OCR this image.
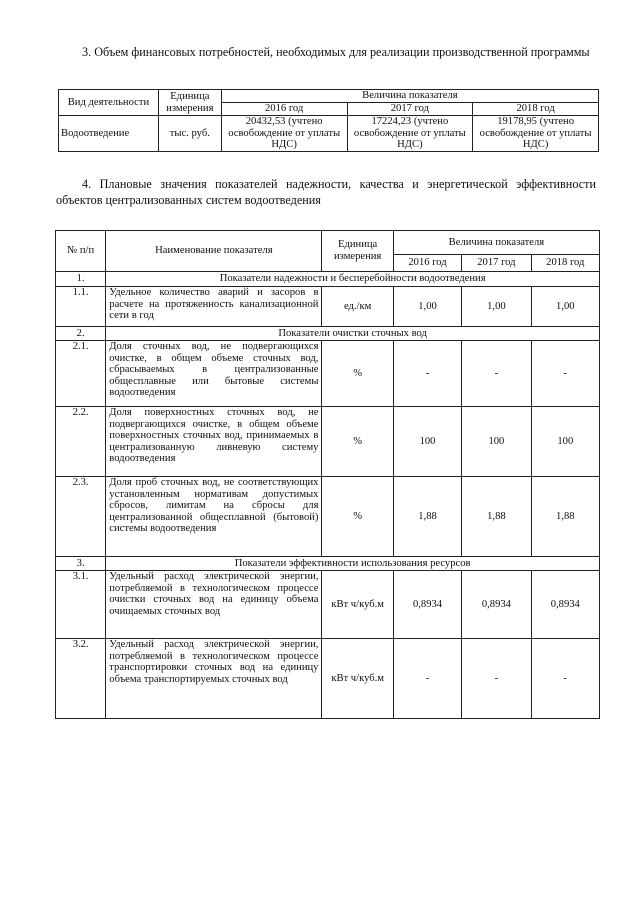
3. Объем финансовых потребностей, необходимых для реализации производственной программы
Вид деятельности	Единица измерения	Величина показателя		
		2016 год	2017 год	2018 год
Водоотведение	тыс. руб.	20432,53 (учтено освобождение от уплаты НДС)	17224,23 (учтено освобождение от уплаты НДС)	19178,95 (учтено освобождение от уплаты НДС)
4. Плановые значения показателей надежности, качества и энергетической эффективности объектов централизованных систем водоотведения
№ п/п	Наименование показателя	Единица измерения	Величина показателя		
			2016 год	2017 год	2018 год
1.	Показатели надежности и бесперебойности водоотведения				
1.1.	Удельное количество аварий и засоров в расчете на протяженность канализационной сети в год	ед./км	1,00	1,00	1,00
2.	Показатели очистки сточных вод				
2.1.	Доля сточных вод, не подвергающихся очистке, в общем объеме сточных вод, сбрасываемых в централизованные общесплавные или бытовые системы водоотведения	%	-	-	-
2.2.	Доля поверхностных сточных вод, не подвергающихся очистке, в общем объеме поверхностных сточных вод, принимаемых в централизованную ливневую систему водоотведения	%	100	100	100
2.3.	Доля проб сточных вод, не соответствующих установленным нормативам допустимых сбросов, лимитам на сбросы для централизованной общесплавной (бытовой) системы водоотведения	%	1,88	1,88	1,88
3.	Показатели эффективности использования ресурсов				
3.1.	Удельный расход электрической энергии, потребляемой в технологическом процессе очистки сточных вод на единицу объема очищаемых сточных вод	кВт ч/куб.м	0,8934	0,8934	0,8934
3.2.	Удельный расход электрической энергии, потребляемой в технологическом процессе транспортировки сточных вод на единицу объема транспортируемых сточных вод	кВт ч/куб.м	-	-	-
